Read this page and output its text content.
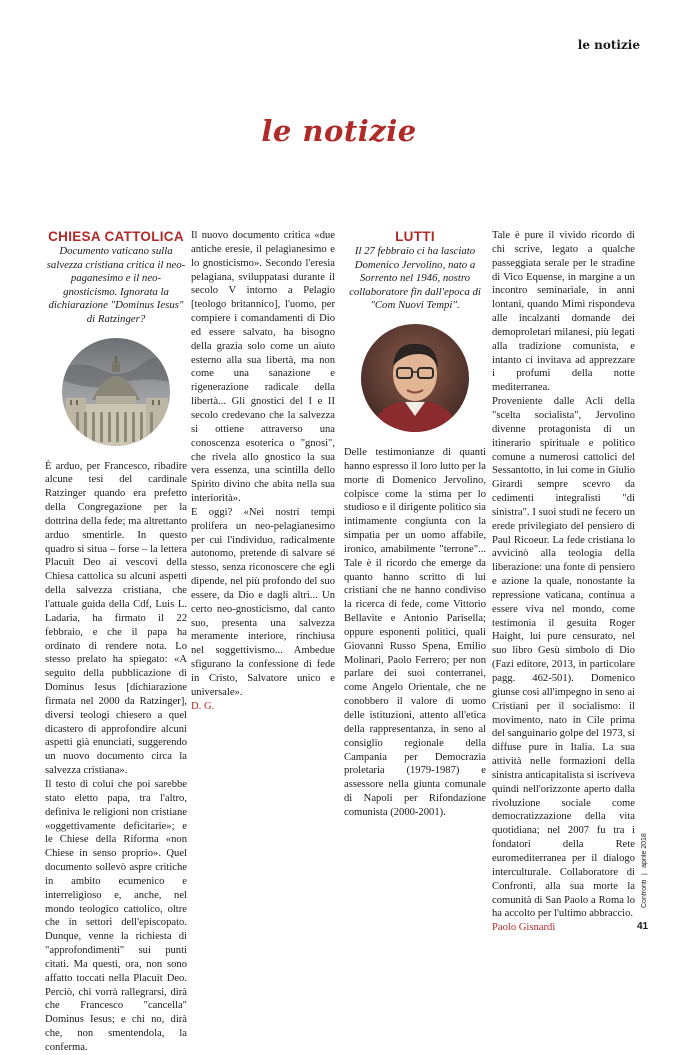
le notizie
le notizie
CHIESA CATTOLICA

Documento vaticano sulla salvezza cristiana critica il neo-paganesimo e il neo-gnosticismo. Ignorata la dichiarazione "Dominus Iesus" di Ratzinger?

È arduo, per Francesco, ribadire alcune tesi del cardinale Ratzinger quando era prefetto della Congregazione per la dottrina della fede; ma altrettanto arduo smentirle. In questo quadro si situa – forse – la lettera Placuit Deo ai vescovi della Chiesa cattolica su alcuni aspetti della salvezza cristiana, che l'attuale guida della Cdf, Luis L. Ladaria, ha firmato il 22 febbraio, e che il papa ha ordinato di rendere nota. Lo stesso prelato ha spiegato: «A seguito della pubblicazione di Dominus Iesus [dichiarazione firmata nel 2000 da Ratzinger], diversi teologi chiesero a quel dicastero di approfondire alcuni aspetti già enunciati, suggerendo un nuovo documento circa la salvezza cristiana».

Il testo di colui che poi sarebbe stato eletto papa, tra l'altro, definiva le religioni non cristiane «oggettivamente deficitarie»; e le Chiese della Riforma «non Chiese in senso proprio». Quel documento sollevò aspre critiche in ambito ecumenico e interreligioso e, anche, nel mondo teologico cattolico, oltre che in settori dell'episcopato. Dunque, venne la richiesta di "approfondimenti" sui punti citati. Ma questi, ora, non sono affatto toccati nella Placuit Deo. Perciò, chi vorrà rallegrarsi, dirà che Francesco "cancella" Dominus Iesus; e chi no, dirà che, non smentendola, la conferma.

Il nuovo documento critica «due antiche eresie, il pelagianesimo e lo gnosticismo». Secondo l'eresia pelagiana, sviluppatasi durante il secolo V intorno a Pelagio [teologo britannico], l'uomo, per compiere i comandamenti di Dio ed essere salvato, ha bisogno della grazia solo come un aiuto esterno alla sua libertà, ma non come una sanazione e rigenerazione radicale della libertà... Gli gnostici del I e II secolo credevano che la salvezza si ottiene attraverso una conoscenza esoterica o "gnosi", che rivela allo gnostico la sua vera essenza, una scintilla dello Spirito divino che abita nella sua interiorità».

E oggi? «Nei nostri tempi prolifera un neo-pelagianesimo per cui l'individuo, radicalmente autonomo, pretende di salvare sé stesso, senza riconoscere che egli dipende, nel più profondo del suo essere, da Dio e dagli altri... Un certo neo-gnosticismo, dal canto suo, presenta una salvezza meramente interiore, rinchiusa nel soggettivismo... Ambedue sfigurano la confessione di fede in Cristo, Salvatore unico e universale».

D. G.

LUTTI

Il 27 febbraio ci ha lasciato Domenico Jervolino, nato a Sorrento nel 1946, nostro collaboratore fin dall'epoca di "Com Nuovi Tempi".

Delle testimonianze di quanti hanno espresso il loro lutto per la morte di Domenico Jervolino, colpisce come la stima per lo studioso e il dirigente politico sia intimamente congiunta con la simpatia per un uomo affabile, ironico, amabilmente "terrone"... Tale è il ricordo che emerge da quanto hanno scritto di lui cristiani che ne hanno condiviso la ricerca di fede, come Vittorio Bellavite e Antonio Parisella; oppure esponenti politici, quali Giovanni Russo Spena, Emilio Molinari, Paolo Ferrero; per non parlare dei suoi conterranei, come Angelo Orientale, che ne conobbero il valore di uomo delle istituzioni, attento all'etica della rappresentanza, in seno al consiglio regionale della Campania per Democrazia proletaria (1979-1987) e assessore nella giunta comunale di Napoli per Rifondazione comunista (2000-2001).

Tale è pure il vivido ricordo di chi scrive, legato a qualche passeggiata serale per le stradine di Vico Equense, in margine a un incontro seminariale, in anni lontani, quando Mimì rispondeva alle incalzanti domande dei demoproletari milanesi, più legati alla tradizione comunista, e intanto ci invitava ad apprezzare i profumi della notte mediterranea.

Proveniente dalle Acli della "scelta socialista", Jervolino divenne protagonista di un itinerario spirituale e politico comune a numerosi cattolici del Sessantotto, in lui come in Giulio Girardi sempre scevro da cedimenti integralisti "di sinistra". I suoi studi ne fecero un erede privilegiato del pensiero di Paul Ricoeur. La fede cristiana lo avvicinò alla teologia della liberazione: una fonte di pensiero e azione la quale, nonostante la repressione vaticana, continua a essere viva nel mondo, come testimonia il gesuita Roger Haight, lui pure censurato, nel suo libro Gesù simbolo di Dio (Fazi editore, 2013, in particolare pagg. 462-501). Domenico giunse così all'impegno in seno ai Cristiani per il socialismo: il movimento, nato in Cile prima del sanguinario golpe del 1973, si diffuse pure in Italia. La sua attività nelle formazioni della sinistra anticapitalista si iscriveva quindi nell'orizzonte aperto dalla rivoluzione sociale come democratizzazione della vita quotidiana; nel 2007 fu tra i fondatori della Rete euromediterranea per il dialogo interculturale. Collaboratore di Confronti, alla sua morte la comunità di San Paolo a Roma lo ha accolto per l'ultimo abbraccio.

Paolo Gisnardi

Confronti | aprile 2018
41
